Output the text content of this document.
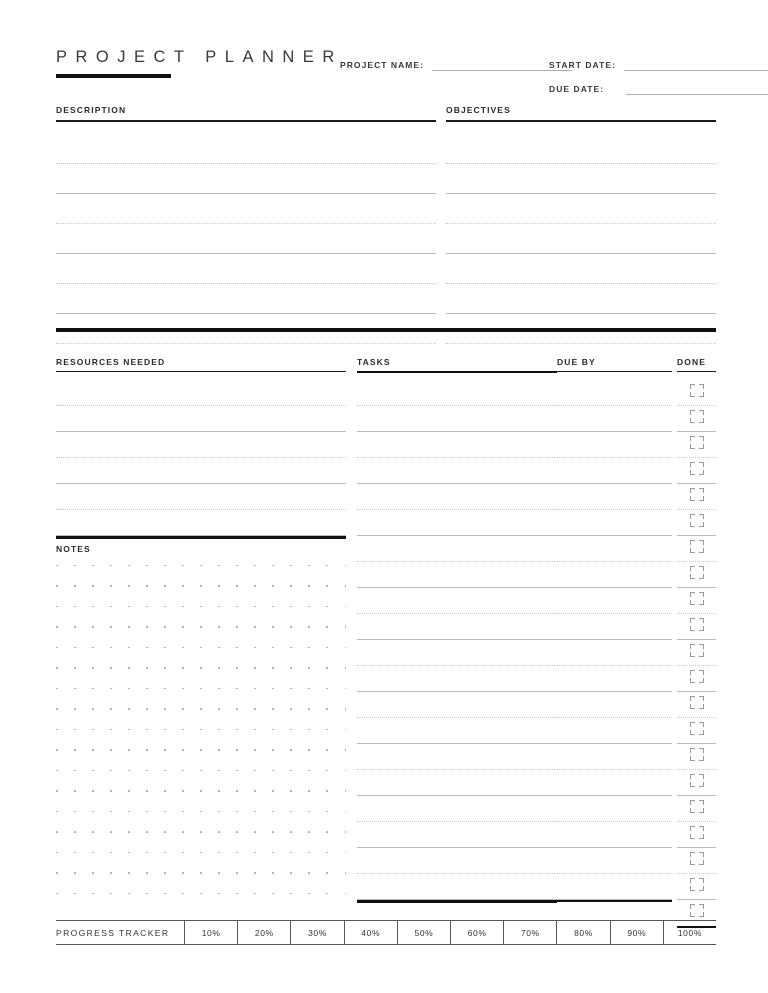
PROJECT PLANNER
PROJECT NAME:	START DATE:
DUE DATE:
DESCRIPTION	OBJECTIVES
RESOURCES NEEDED	TASKS	DUE BY	DONE
NOTES
PROGRESS TRACKER	10%	20%	30%	40%	50%	60%	70%	80%	90%	100%
